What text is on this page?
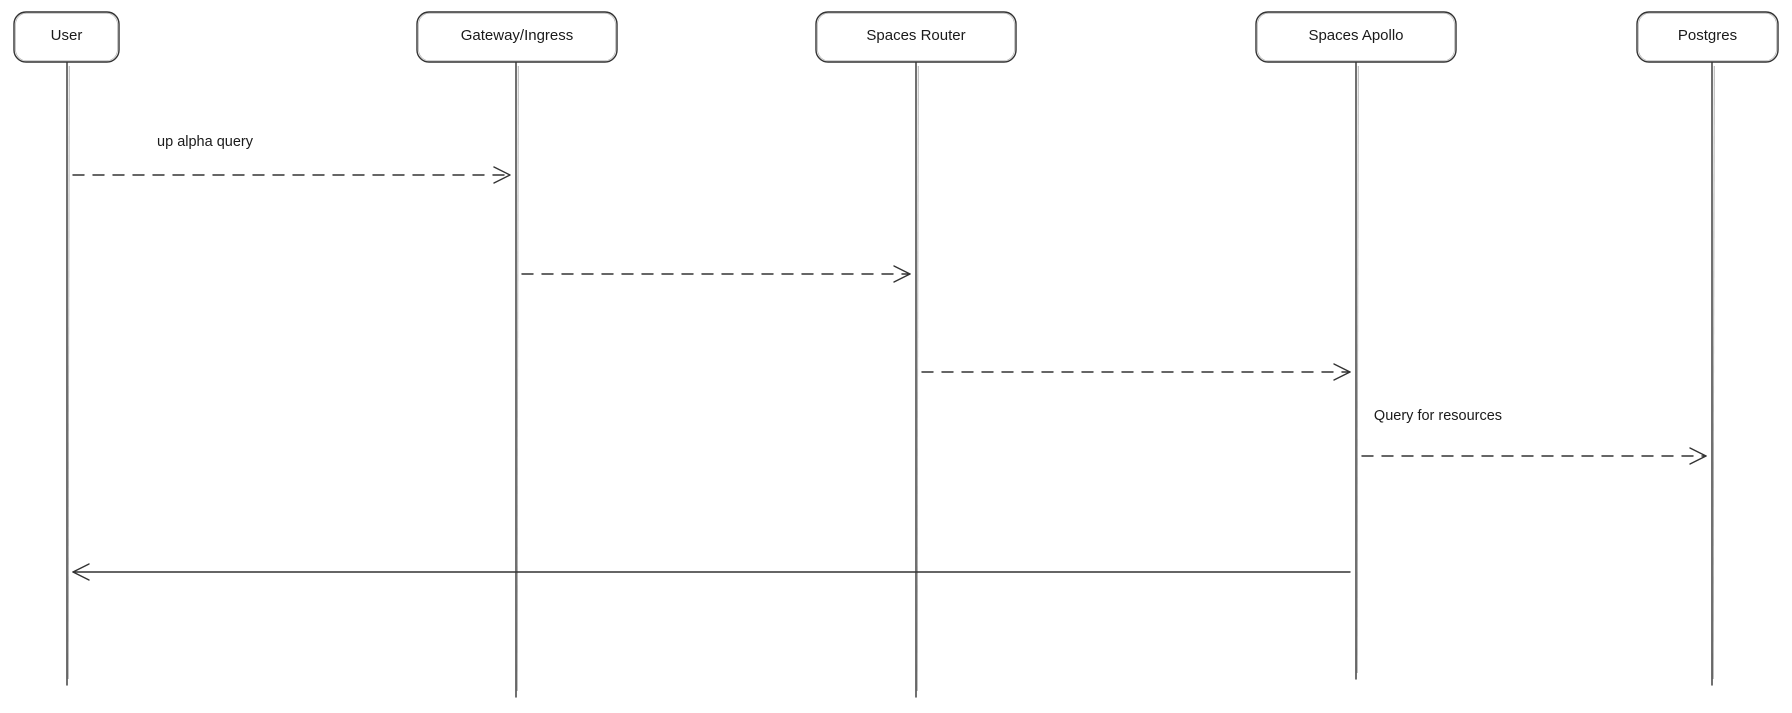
User	Gateway/Ingress	Spaces Router	Spaces Apollo	Postgres
up alpha query
Query for resources
